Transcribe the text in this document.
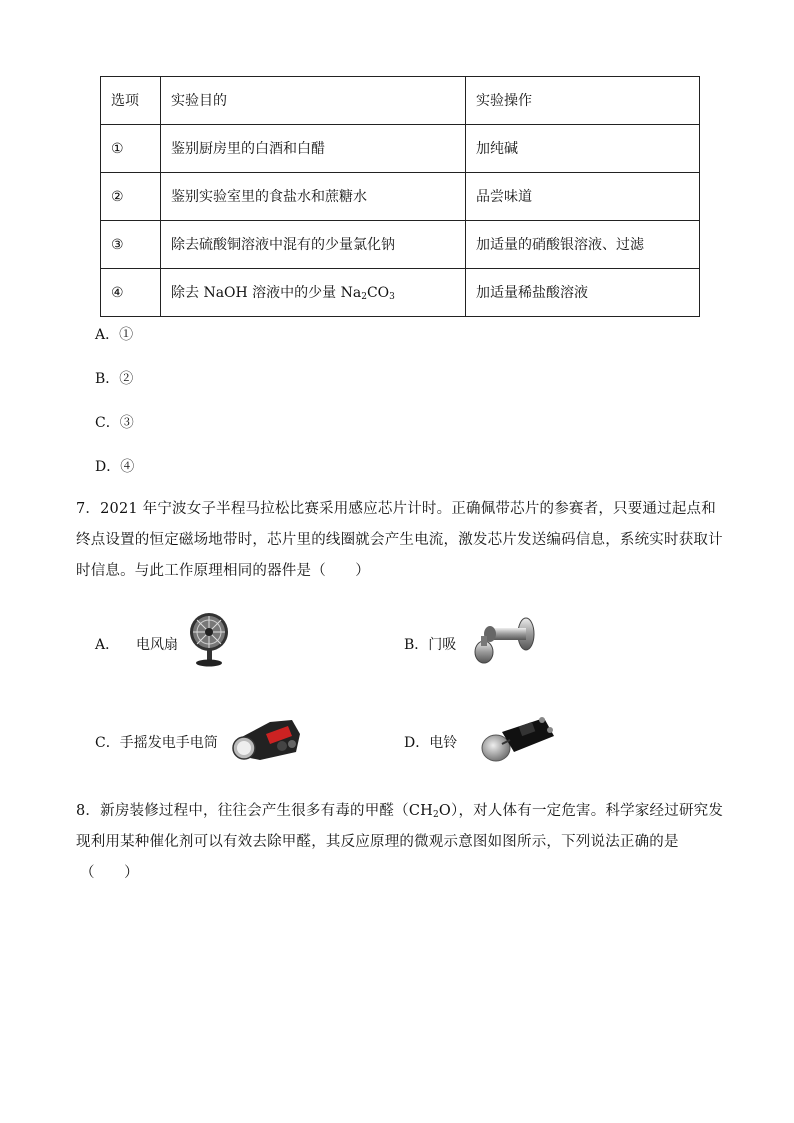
选项	实验目的	实验操作
①	鉴别厨房里的白酒和白醋	加纯碱
②	鉴别实验室里的食盐水和蔗糖水	品尝味道
③	除去硫酸铜溶液中混有的少量氯化钠	加适量的硝酸银溶液、过滤
④	除去 NaOH 溶液中的少量 $Na_2CO_3$	加适量稀盐酸溶液
A．①
B．②
C．③
D．④
7．2021 年宁波女子半程马拉松比赛采用感应芯片计时。正确佩带芯片的参赛者，只要通过起点和终点设置的恒定磁场地带时，芯片里的线圈就会产生电流，激发芯片发送编码信息，系统实时获取计时信息。与此工作原理相同的器件是（　　）
A． 电风扇	B．门吸
C．手摇发电手电筒	D．电铃
8．新房装修过程中，往往会产生很多有毒的甲醛$(CH_2O)$，对人体有一定危害。科学家经过研究发现利用某种催化剂可以有效去除甲醛，其反应原理的微观示意图如图所示，下列说法正确的是
（　　）
